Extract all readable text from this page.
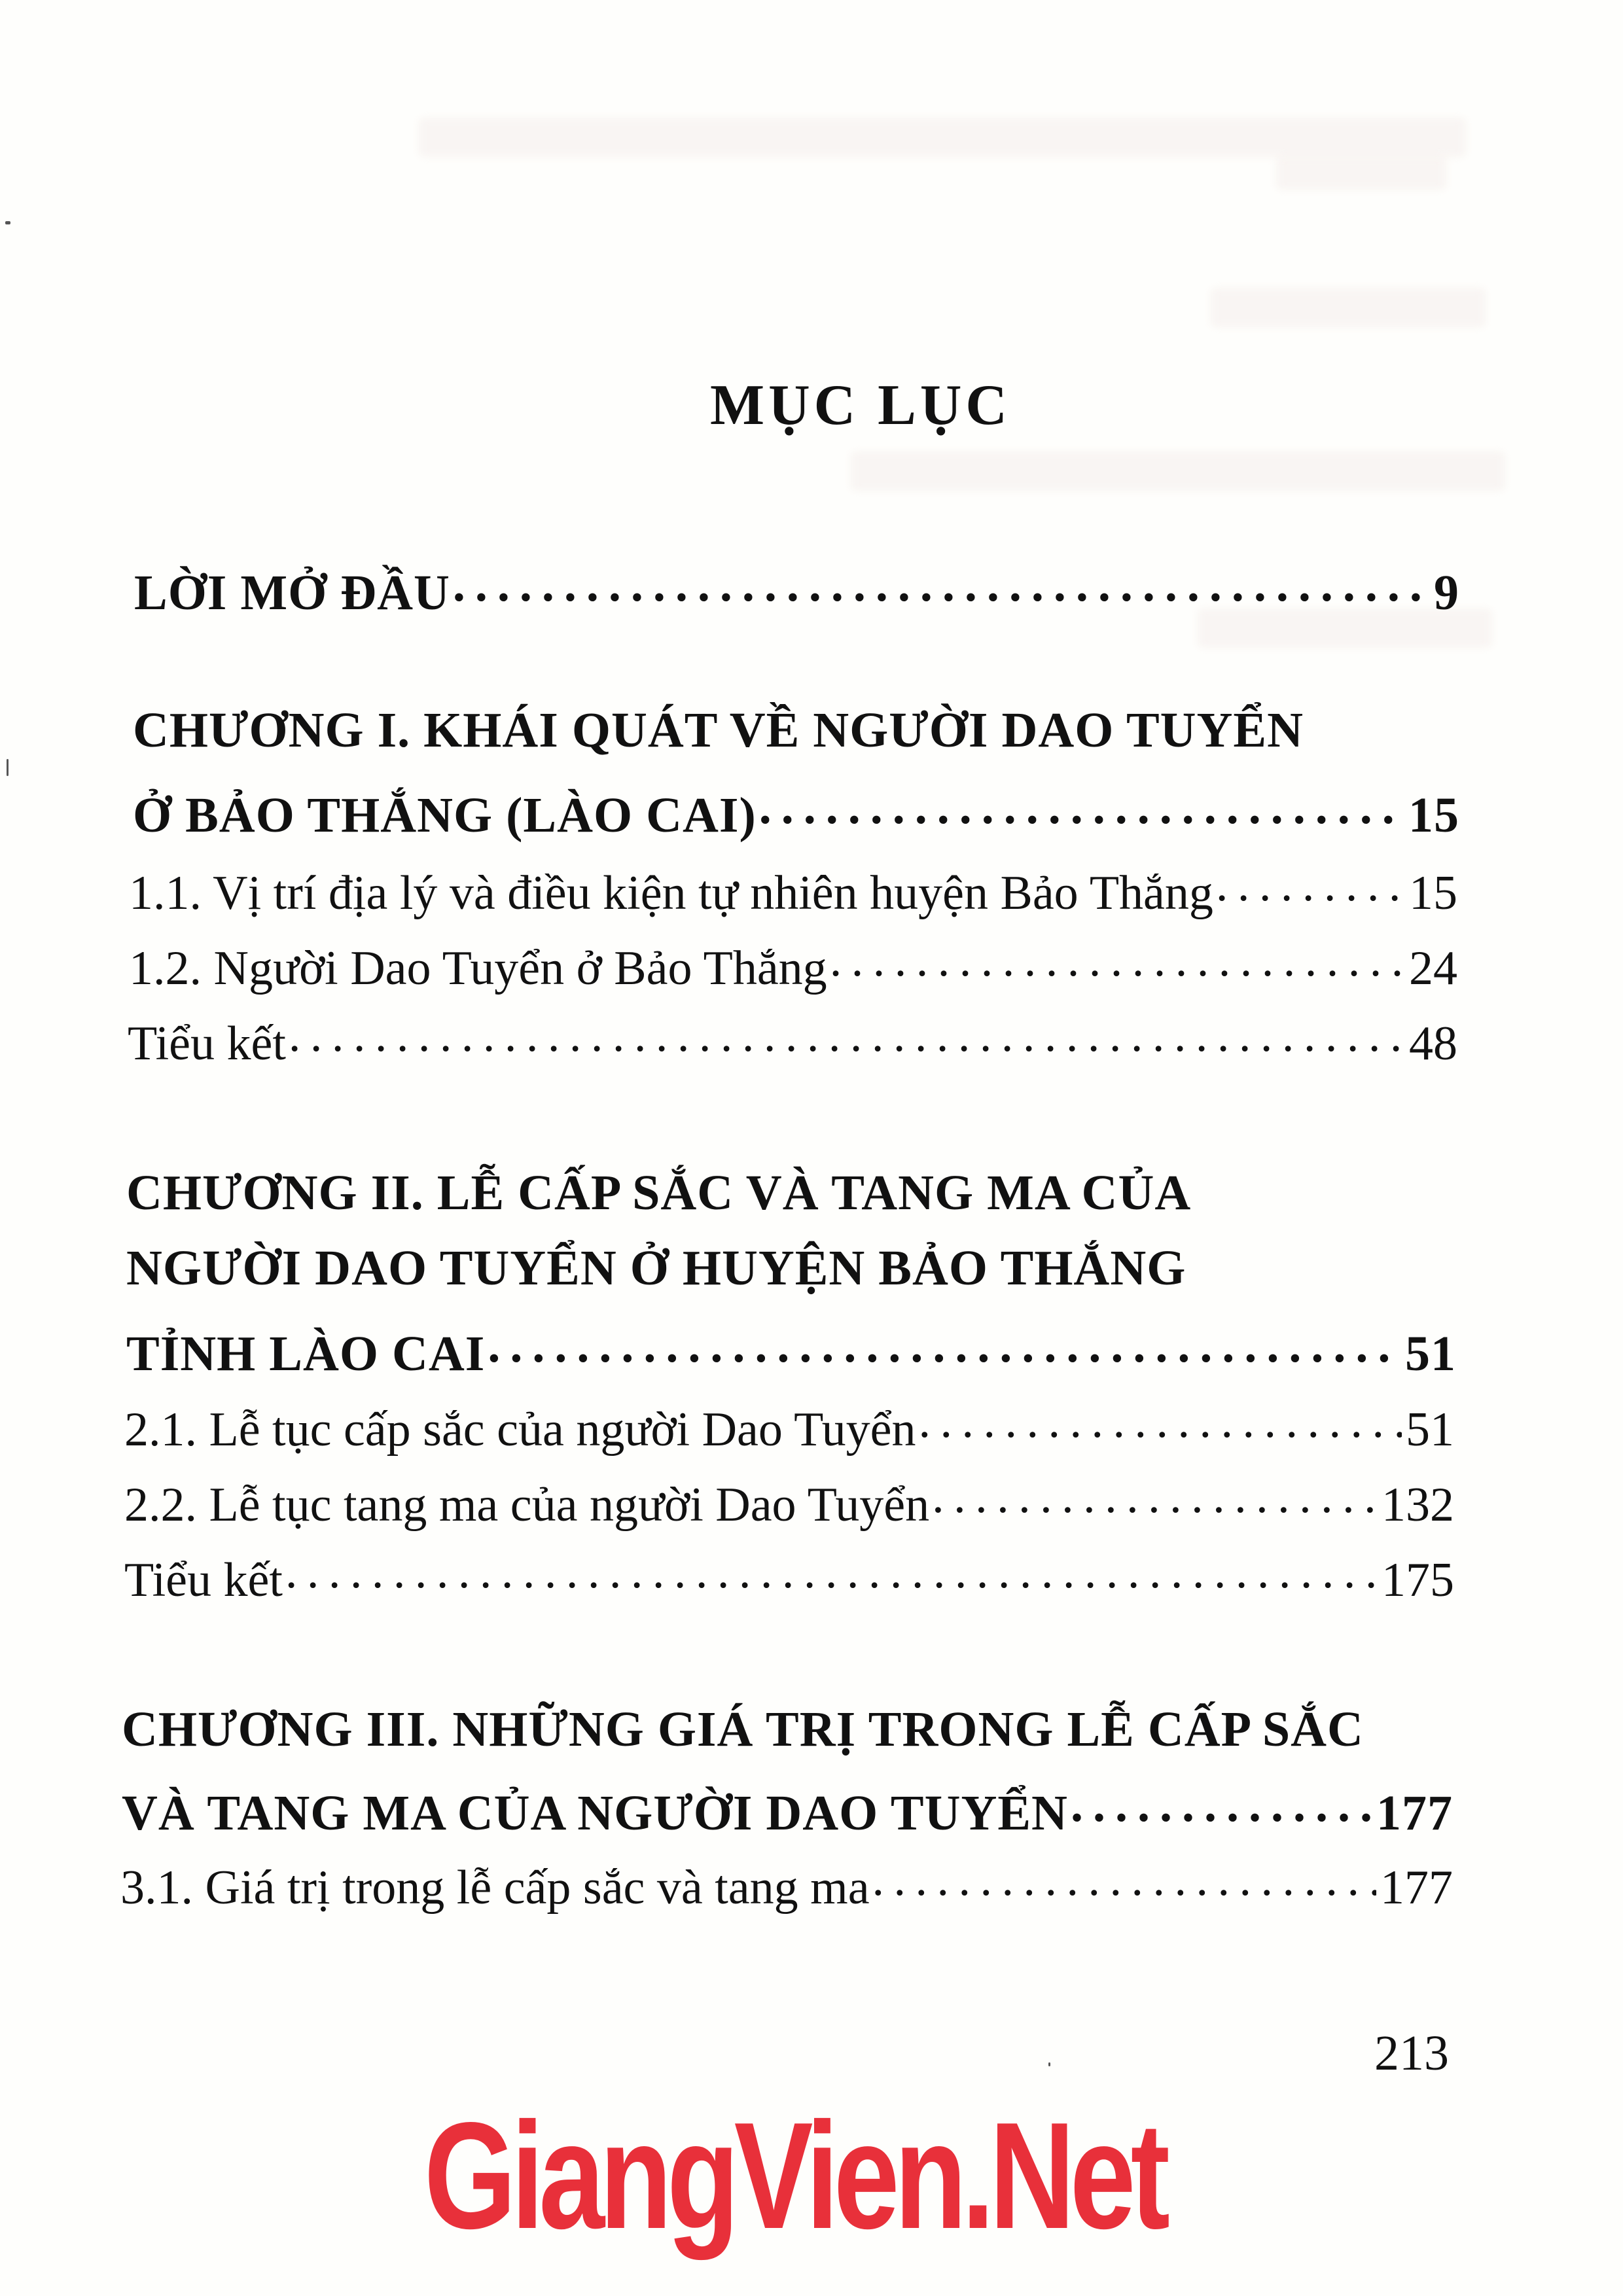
MỤC LỤC
LỜI MỞ ĐẦU . . .	9
CHƯƠNG I. KHÁI QUÁT VỀ NGƯỜI DAO TUYỂN
Ở BẢO THẮNG (LÀO CAI) . . .	15
1.1. Vị trí địa lý và điều kiện tự nhiên huyện Bảo Thắng . . .	15
1.2. Người Dao Tuyển ở Bảo Thắng . . .	24
Tiểu kết . . .	48
CHƯƠNG II. LỄ CẤP SẮC VÀ TANG MA CỦA
NGƯỜI DAO TUYỂN Ở HUYỆN BẢO THẮNG
TỈNH LÀO CAI . . .	51
2.1. Lễ tục cấp sắc của người Dao Tuyển . . .	51
2.2. Lễ tục tang ma của người Dao Tuyển . . .	132
Tiểu kết . . .	175
CHƯƠNG III. NHỮNG GIÁ TRỊ TRONG LỄ CẤP SẮC
VÀ TANG MA CỦA NGƯỜI DAO TUYỂN . . .	177
3.1. Giá trị trong lễ cấp sắc và tang ma . . .	177
213
GiangVien.Net
